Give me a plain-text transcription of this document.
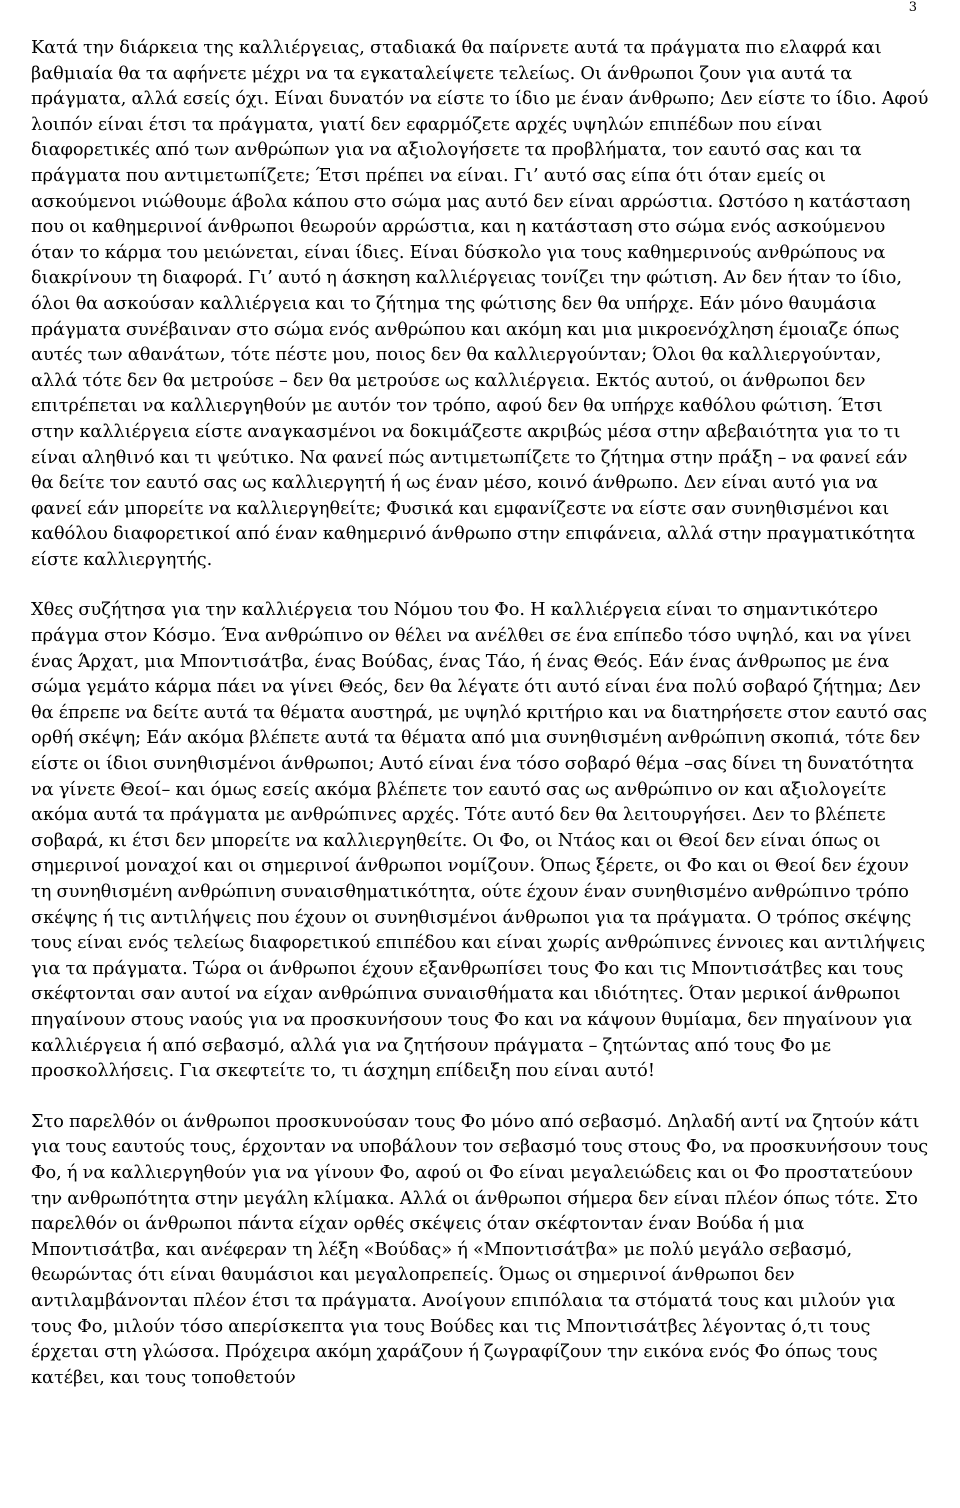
3

Κατά την διάρκεια της καλλιέργειας, σταδιακά θα παίρνετε αυτά τα πράγματα πιο ελαφρά και βαθμιαία θα τα αφήνετε μέχρι να τα εγκαταλείψετε τελείως. Οι άνθρωποι ζουν για αυτά τα πράγματα, αλλά εσείς όχι. Είναι δυνατόν να είστε το ίδιο με έναν άνθρωπο; Δεν είστε το ίδιο. Αφού λοιπόν είναι έτσι τα πράγματα, γιατί δεν εφαρμόζετε αρχές υψηλών επιπέδων που είναι διαφορετικές από των ανθρώπων για να αξιολογήσετε τα προβλήματα, τον εαυτό σας και τα πράγματα που αντιμετωπίζετε; Έτσι πρέπει να είναι. Γι’ αυτό σας είπα ότι όταν εμείς οι ασκούμενοι νιώθουμε άβολα κάπου στο σώμα μας αυτό δεν είναι αρρώστια. Ωστόσο η κατάσταση που οι καθημερινοί άνθρωποι θεωρούν αρρώστια, και η κατάσταση στο σώμα ενός ασκούμενου όταν το κάρμα του μειώνεται, είναι ίδιες. Είναι δύσκολο για τους καθημερινούς ανθρώπους να διακρίνουν τη διαφορά. Γι’ αυτό η άσκηση καλλιέργειας τονίζει την φώτιση. Αν δεν ήταν το ίδιο, όλοι θα ασκούσαν καλλιέργεια και το ζήτημα της φώτισης δεν θα υπήρχε. Εάν μόνο θαυμάσια πράγματα συνέβαιναν στο σώμα ενός ανθρώπου και ακόμη και μια μικροενόχληση έμοιαζε όπως αυτές των αθανάτων, τότε πέστε μου, ποιος δεν θα καλλιεργούνταν; Όλοι θα καλλιεργούνταν, αλλά τότε δεν θα μετρούσε – δεν θα μετρούσε ως καλλιέργεια. Εκτός αυτού, οι άνθρωποι δεν επιτρέπεται να καλλιεργηθούν με αυτόν τον τρόπο, αφού δεν θα υπήρχε καθόλου φώτιση. Έτσι στην καλλιέργεια είστε αναγκασμένοι να δοκιμάζεστε ακριβώς μέσα στην αβεβαιότητα για το τι είναι αληθινό και τι ψεύτικο. Να φανεί πώς αντιμετωπίζετε το ζήτημα στην πράξη – να φανεί εάν θα δείτε τον εαυτό σας ως καλλιεργητή ή ως έναν μέσο, κοινό άνθρωπο. Δεν είναι αυτό για να φανεί εάν μπορείτε να καλλιεργηθείτε; Φυσικά και εμφανίζεστε να είστε σαν συνηθισμένοι και καθόλου διαφορετικοί από έναν καθημερινό άνθρωπο στην επιφάνεια, αλλά στην πραγματικότητα είστε καλλιεργητής.

Χθες συζήτησα για την καλλιέργεια του Νόμου του Φο. Η καλλιέργεια είναι το σημαντικότερο πράγμα στον Κόσμο. Ένα ανθρώπινο ον θέλει να ανέλθει σε ένα επίπεδο τόσο υψηλό, και να γίνει ένας Άρχατ, μια Μποντισάτβα, ένας Βούδας, ένας Τάο, ή ένας Θεός. Εάν ένας άνθρωπος με ένα σώμα γεμάτο κάρμα πάει να γίνει Θεός, δεν θα λέγατε ότι αυτό είναι ένα πολύ σοβαρό ζήτημα; Δεν θα έπρεπε να δείτε αυτά τα θέματα αυστηρά, με υψηλό κριτήριο και να διατηρήσετε στον εαυτό σας ορθή σκέψη; Εάν ακόμα βλέπετε αυτά τα θέματα από μια συνηθισμένη ανθρώπινη σκοπιά, τότε δεν είστε οι ίδιοι συνηθισμένοι άνθρωποι; Αυτό είναι ένα τόσο σοβαρό θέμα –σας δίνει τη δυνατότητα να γίνετε Θεοί– και όμως εσείς ακόμα βλέπετε τον εαυτό σας ως ανθρώπινο ον και αξιολογείτε ακόμα αυτά τα πράγματα με ανθρώπινες αρχές. Τότε αυτό δεν θα λειτουργήσει. Δεν το βλέπετε σοβαρά, κι έτσι δεν μπορείτε να καλλιεργηθείτε. Οι Φο, οι Ντάος και οι Θεοί δεν είναι όπως οι σημερινοί μοναχοί και οι σημερινοί άνθρωποι νομίζουν. Όπως ξέρετε, οι Φο και οι Θεοί δεν έχουν τη συνηθισμένη ανθρώπινη συναισθηματικότητα, ούτε έχουν έναν συνηθισμένο ανθρώπινο τρόπο σκέψης ή τις αντιλήψεις που έχουν οι συνηθισμένοι άνθρωποι για τα πράγματα. Ο τρόπος σκέψης τους είναι ενός τελείως διαφορετικού επιπέδου και είναι χωρίς ανθρώπινες έννοιες και αντιλήψεις για τα πράγματα. Τώρα οι άνθρωποι έχουν εξανθρωπίσει τους Φο και τις Μποντισάτβες και τους σκέφτονται σαν αυτοί να είχαν ανθρώπινα συναισθήματα και ιδιότητες. Όταν μερικοί άνθρωποι πηγαίνουν στους ναούς για να προσκυνήσουν τους Φο και να κάψουν θυμίαμα, δεν πηγαίνουν για καλλιέργεια ή από σεβασμό, αλλά για να ζητήσουν πράγματα – ζητώντας από τους Φο με προσκολλήσεις. Για σκεφτείτε το, τι άσχημη επίδειξη που είναι αυτό!

Στο παρελθόν οι άνθρωποι προσκυνούσαν τους Φο μόνο από σεβασμό. Δηλαδή αντί να ζητούν κάτι για τους εαυτούς τους, έρχονταν να υποβάλουν τον σεβασμό τους στους Φο, να προσκυνήσουν τους Φο, ή να καλλιεργηθούν για να γίνουν Φο, αφού οι Φο είναι μεγαλειώδεις και οι Φο προστατεύουν την ανθρωπότητα στην μεγάλη κλίμακα. Αλλά οι άνθρωποι σήμερα δεν είναι πλέον όπως τότε. Στο παρελθόν οι άνθρωποι πάντα είχαν ορθές σκέψεις όταν σκέφτονταν έναν Βούδα ή μια Μποντισάτβα, και ανέφεραν τη λέξη «Βούδας» ή «Μποντισάτβα» με πολύ μεγάλο σεβασμό, θεωρώντας ότι είναι θαυμάσιοι και μεγαλοπρεπείς. Όμως οι σημερινοί άνθρωποι δεν αντιλαμβάνονται πλέον έτσι τα πράγματα. Ανοίγουν επιπόλαια τα στόματά τους και μιλούν για τους Φο, μιλούν τόσο απερίσκεπτα για τους Βούδες και τις Μποντισάτβες λέγοντας ό,τι τους έρχεται στη γλώσσα. Πρόχειρα ακόμη χαράζουν ή ζωγραφίζουν την εικόνα ενός Φο όπως τους κατέβει, και τους τοποθετούν
